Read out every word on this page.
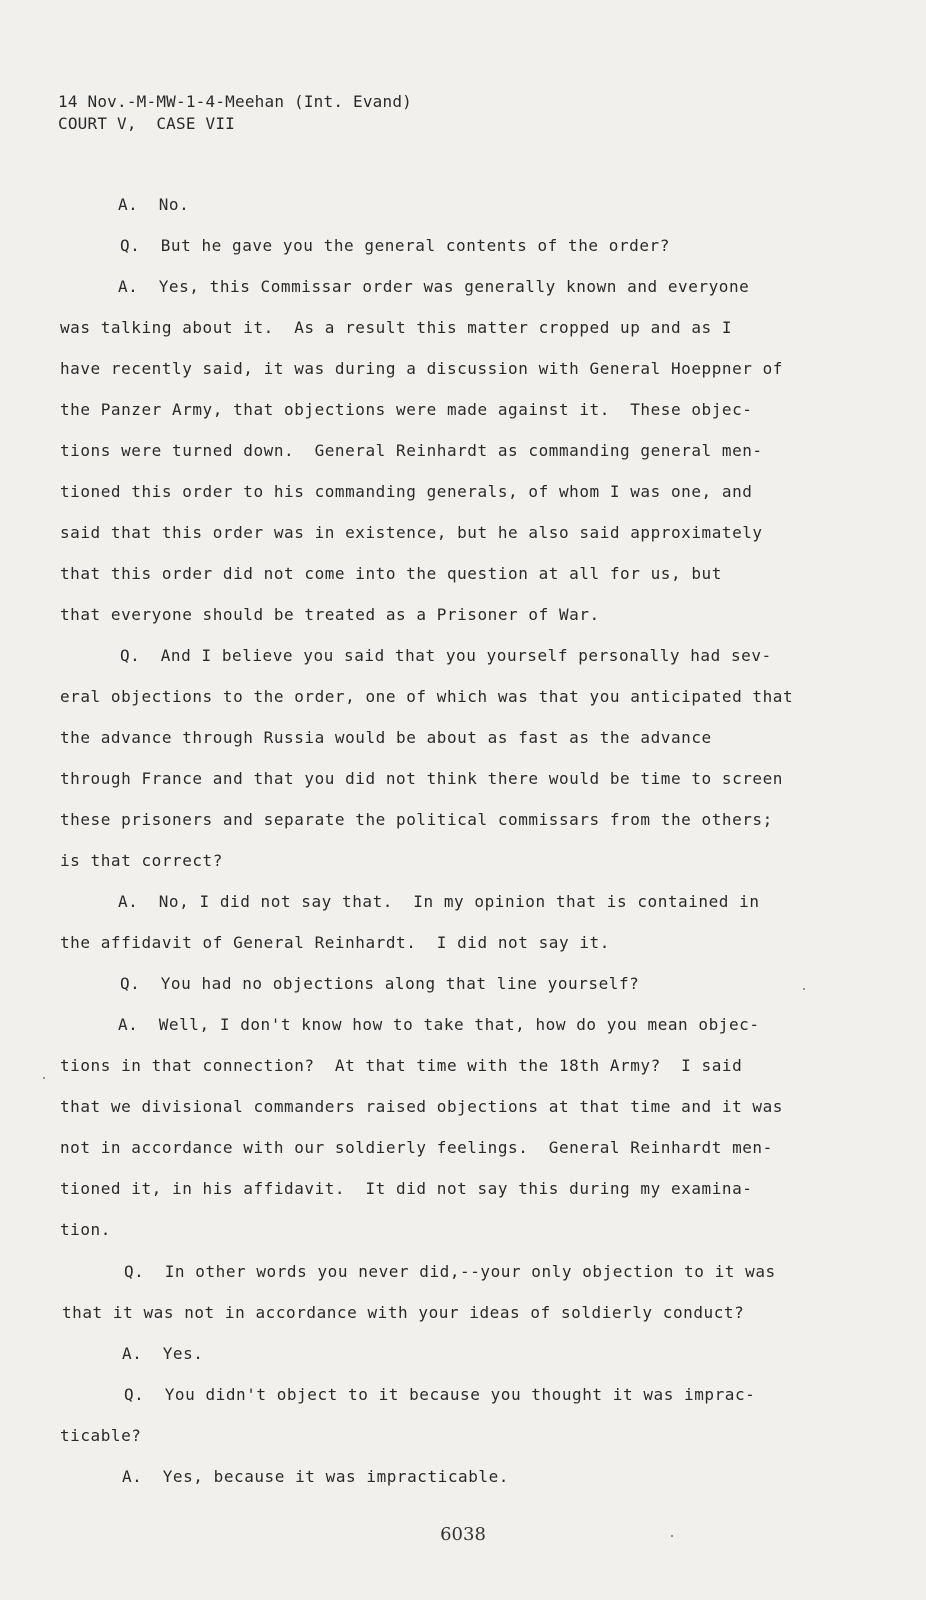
14 Nov.-M-MW-1-4-Meehan (Int. Evand)
COURT V,  CASE VII
A.  No.
Q.  But he gave you the general contents of the order?
A.  Yes, this Commissar order was generally known and everyone
was talking about it.  As a result this matter cropped up and as I
have recently said, it was during a discussion with General Hoeppner of
the Panzer Army, that objections were made against it.  These objec-
tions were turned down.  General Reinhardt as commanding general men-
tioned this order to his commanding generals, of whom I was one, and
said that this order was in existence, but he also said approximately
that this order did not come into the question at all for us, but
that everyone should be treated as a Prisoner of War.
Q.  And I believe you said that you yourself personally had sev-
eral objections to the order, one of which was that you anticipated that
the advance through Russia would be about as fast as the advance
through France and that you did not think there would be time to screen
these prisoners and separate the political commissars from the others;
is that correct?
A.  No, I did not say that.  In my opinion that is contained in
the affidavit of General Reinhardt.  I did not say it.
Q.  You had no objections along that line yourself?
A.  Well, I don't know how to take that, how do you mean objec-
tions in that connection?  At that time with the 18th Army?  I said
that we divisional commanders raised objections at that time and it was
not in accordance with our soldierly feelings.  General Reinhardt men-
tioned it, in his affidavit.  It did not say this during my examina-
tion.
Q.  In other words you never did,--your only objection to it was
that it was not in accordance with your ideas of soldierly conduct?
A.  Yes.
Q.  You didn't object to it because you thought it was imprac-
ticable?
A.  Yes, because it was impracticable.
6038
